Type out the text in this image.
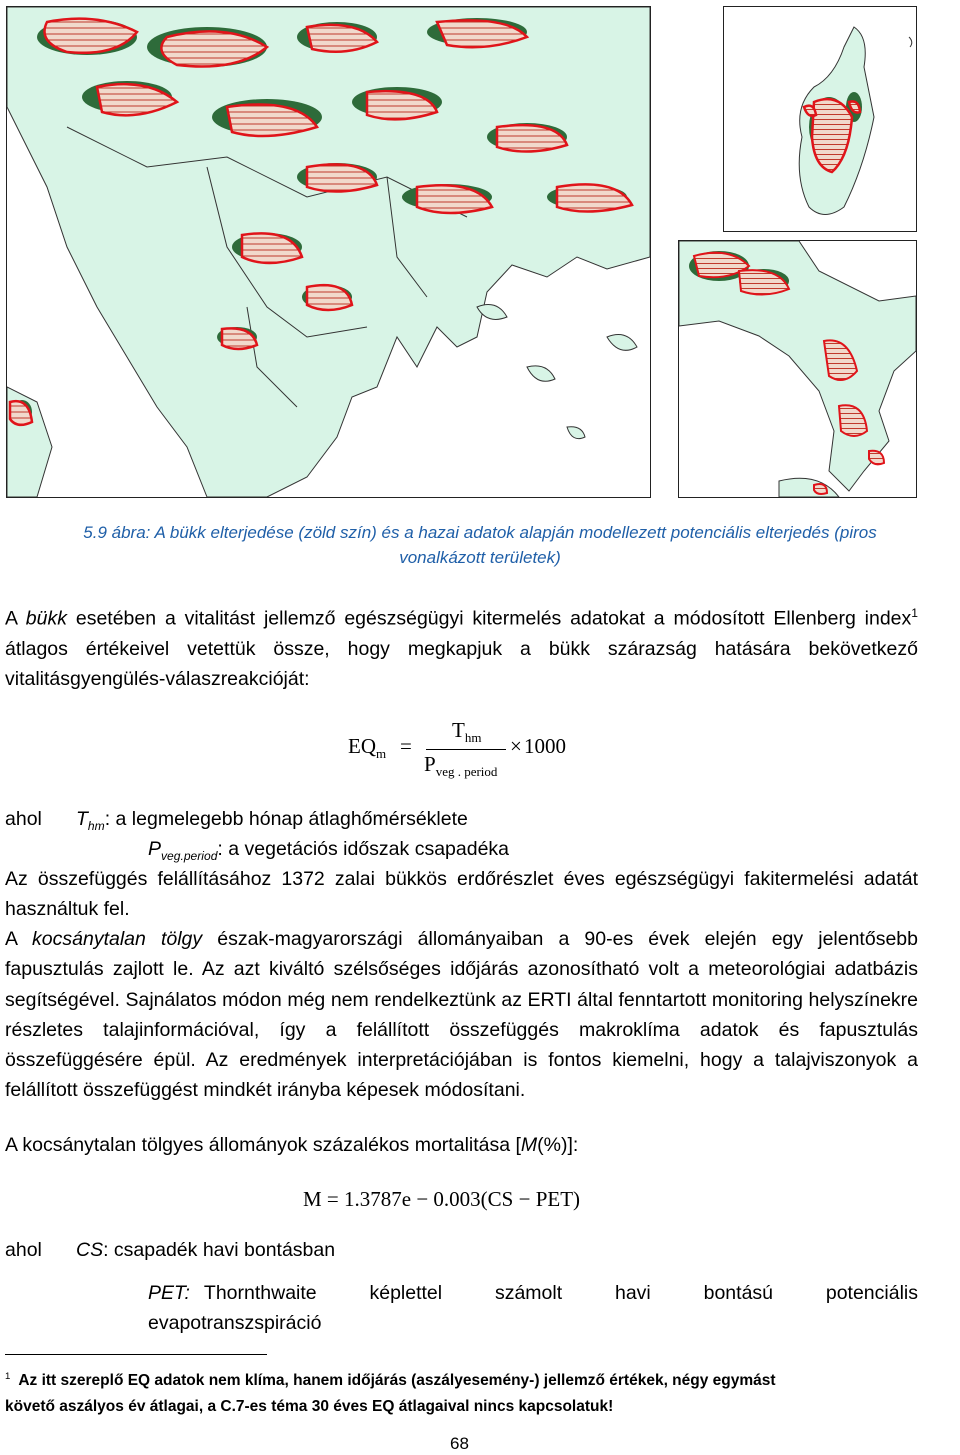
5.9 ábra: A bükk elterjedése (zöld szín) és a hazai adatok alapján modellezett potenciális elterjedés (piros
vonalkázott területek)
A bükk esetében a vitalitást jellemző egészségügyi kitermelés adatokat a módosított Ellenberg index$^1$ átlagos értékeivel vetettük össze, hogy megkapjuk a bükk szárazság hatására bekövetkező vitalitásgyengülés-válaszreakcióját:
$EQ_m$ =
$T_{hm}$
$P_{veg . period}$
× 1000
ahol $T_{hm}$: a legmelegebb hónap átlaghőmérséklete
$P_{veg.period}$: a vegetációs időszak csapadéka
Az összefüggés felállításához 1372 zalai bükkös erdőrészlet éves egészségügyi fakitermelési adatát használtuk fel.
A kocsánytalan tölgy észak-magyarországi állományaiban a 90-es évek elején egy jelentősebb fapusztulás zajlott le. Az azt kiváltó szélsőséges időjárás azonosítható volt a meteorológiai adatbázis segítségével. Sajnálatos módon még nem rendelkeztünk az ERTI által fenntartott monitoring helyszínekre részletes talajinformációval, így a felállított összefüggés makroklíma adatok és fapusztulás összefüggésére épül. Az eredmények interpretációjában is fontos kiemelni, hogy a talajviszonyok a felállított összefüggést mindkét irányba képesek módosítani.
A kocsánytalan tölgyes állományok százalékos mortalitása [M(%)]:
M = 1.3787e − 0.003(CS − PET)
ahol CS: csapadék havi bontásban
PET: Thornthwaite képlettel számolt havi bontású potenciális
evapotranszspiráció
$^1$ Az itt szereplő EQ adatok nem klíma, hanem időjárás (aszályesemény-) jellemző értékek, négy egymást
követő aszályos év átlagai, a C.7-es téma 30 éves EQ átlagaival nincs kapcsolatuk!
68
